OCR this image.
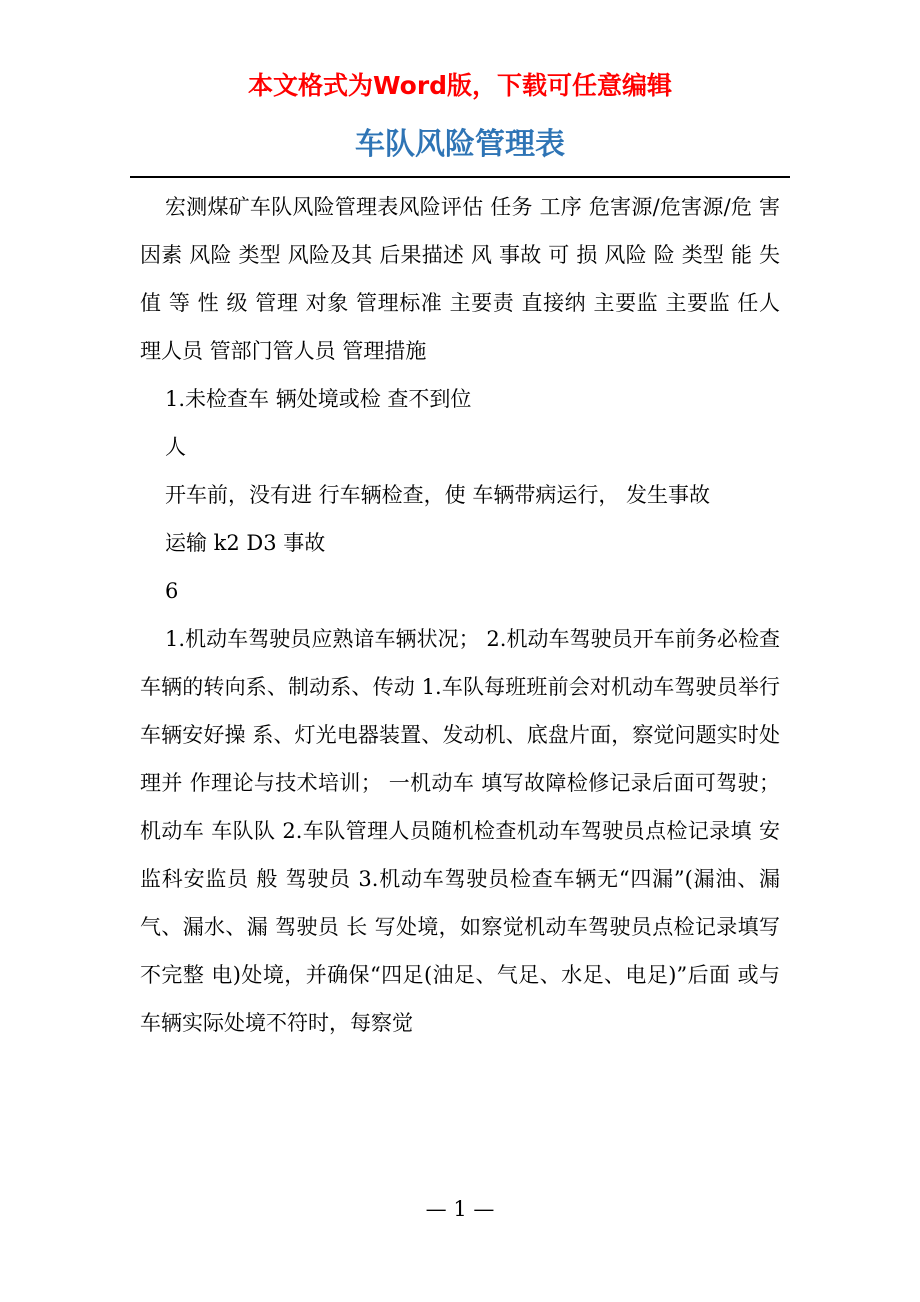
本文格式为Word版，下载可任意编辑
车队风险管理表

宏测煤矿车队风险管理表风险评估 任务 工序 危害源/危害源/危 害因素 风险 类型 风险及其 后果描述 风 事故 可 损 风险 险 类型 能 失 值 等 性 级 管理 对象 管理标准 主要责 直接纳 主要监 主要监 任人 理人员 管部门管人员 管理措施

1.未检查车 辆处境或检 查不到位

人

开车前，没有进 行车辆检查，使 车辆带病运行， 发生事故

运输 k2 D3 事故

6

1.机动车驾驶员应熟谙车辆状况； 2.机动车驾驶员开车前务必检查车辆的转向系、制动系、传动 1.车队每班班前会对机动车驾驶员举行车辆安好操 系、灯光电器装置、发动机、底盘片面，察觉问题实时处理并 作理论与技术培训； 一机动车 填写故障检修记录后面可驾驶； 机动车 车队队 2.车队管理人员随机检查机动车驾驶员点检记录填 安监科安监员 般 驾驶员 3.机动车驾驶员检查车辆无“四漏”(漏油、漏气、漏水、漏 驾驶员 长 写处境，如察觉机动车驾驶员点检记录填写不完整 电)处境，并确保“四足(油足、气足、水足、电足)”后面 或与车辆实际处境不符时，每察觉

— 1 —
